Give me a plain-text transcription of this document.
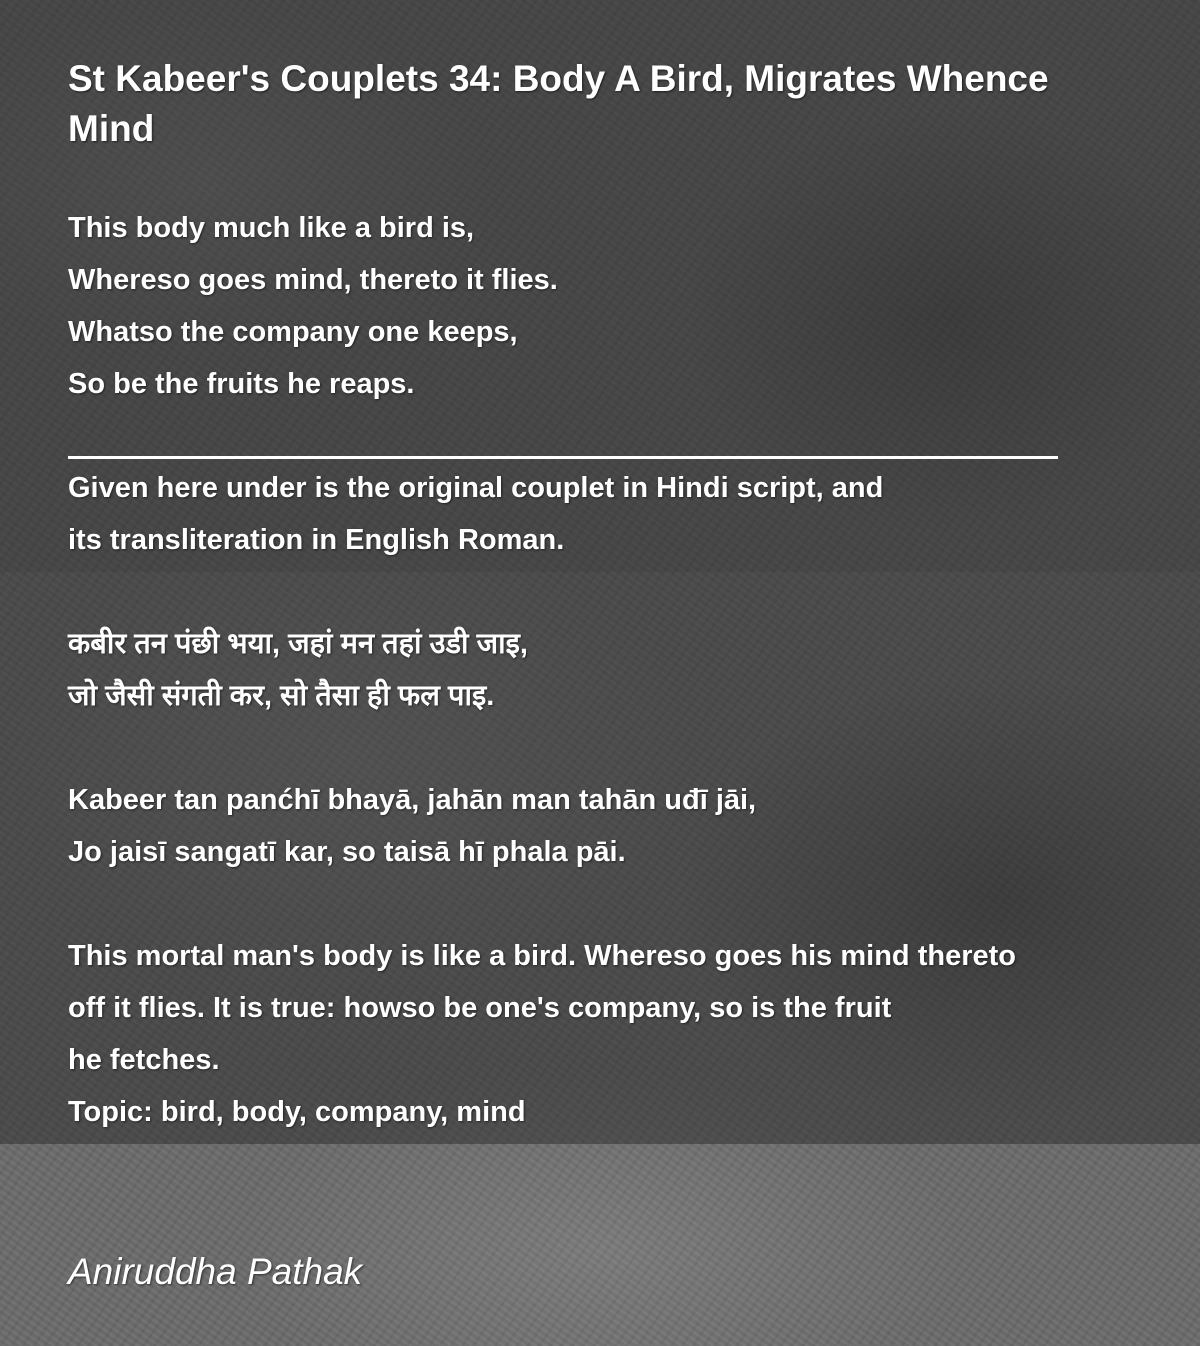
St Kabeer's Couplets 34: Body A Bird, Migrates Whence Mind
This body much like a bird is,
Whereso goes mind, thereto it flies.
Whatso the company one keeps,
So be the fruits he reaps.
Given here under is the original couplet in Hindi script, and
its transliteration in English Roman.
कबीर तन पंछी भया, जहां मन तहां उडी जाइ,
जो जैसी संगती कर, सो तैसा ही फल पाइ.
Kabeer tan panćhī bhayā, jahān man tahān uđī jāi,
Jo jaisī sangatī kar, so taisā hī phala pāi.
This mortal man's body is like a bird. Whereso goes his mind thereto
off it flies. It is true: howso be one's company, so is the fruit
he fetches.
Topic: bird, body, company, mind
Aniruddha Pathak
